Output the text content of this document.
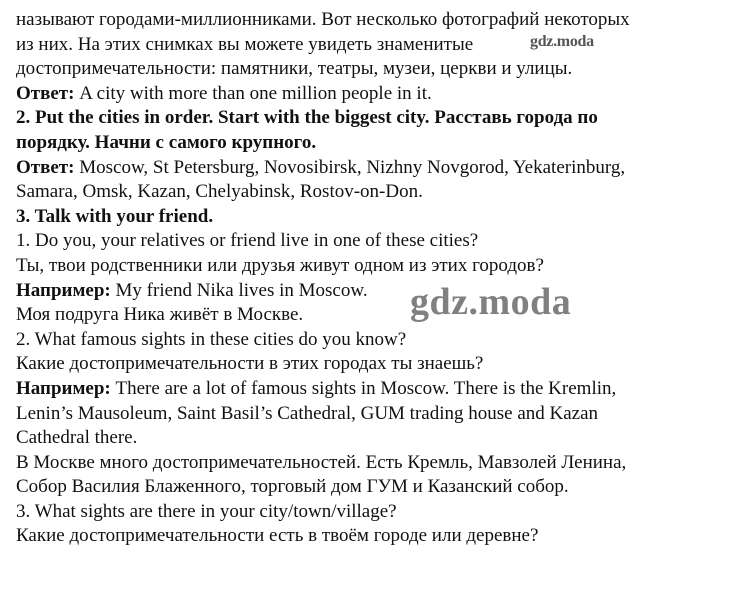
называют городами-миллионниками. Вот несколько фотографий некоторых
из них. На этих снимках вы можете увидеть знаменитые
достопримечательности: памятники, театры, музеи, церкви и улицы.
Ответ: A city with more than one million people in it.
2. Put the cities in order. Start with the biggest city. Расставь города по
порядку. Начни с самого крупного.
Ответ: Moscow, St Petersburg, Novosibirsk, Nizhny Novgorod, Yekaterinburg,
Samara, Omsk, Kazan, Chelyabinsk, Rostov-on-Don.
3. Talk with your friend.
1. Do you, your relatives or friend live in one of these cities?
Ты, твои родственники или друзья живут одном из этих городов?
Например: My friend Nika lives in Moscow.
Моя подруга Ника живёт в Москве.
2. What famous sights in these cities do you know?
Какие достопримечательности в этих городах ты знаешь?
Например: There are a lot of famous sights in Moscow. There is the Kremlin,
Lenin’s Mausoleum, Saint Basil’s Cathedral, GUM trading house and Kazan
Cathedral there.
В Москве много достопримечательностей. Есть Кремль, Мавзолей Ленина,
Собор Василия Блаженного, торговый дом ГУМ и Казанский собор.
3. What sights are there in your city/town/village?
Какие достопримечательности есть в твоём городе или деревне?
gdz.moda
gdz.moda
